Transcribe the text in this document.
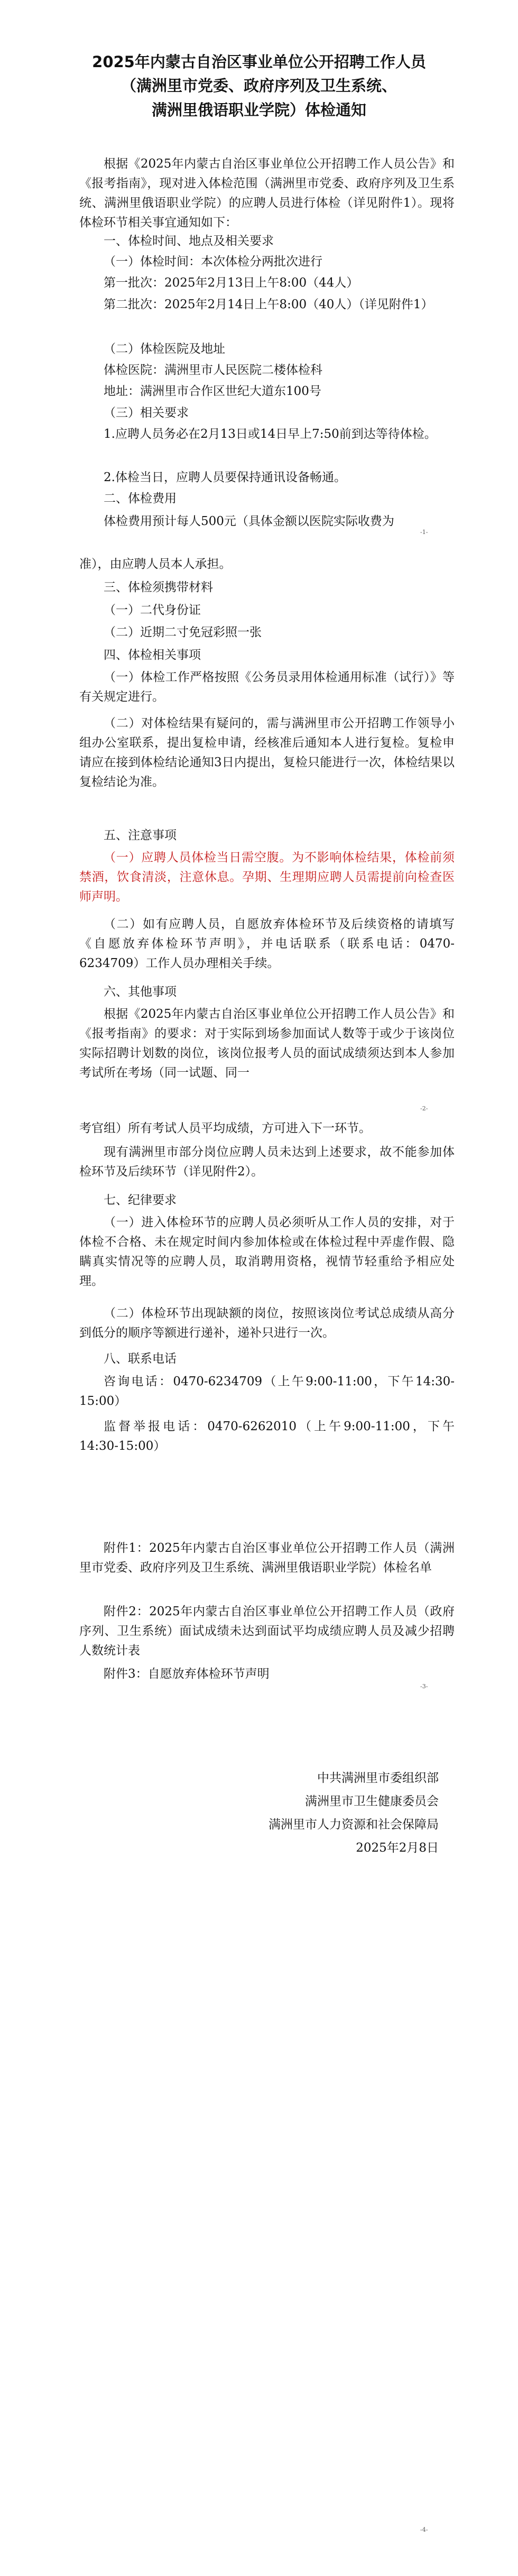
2025年内蒙古自治区事业单位公开招聘工作人员
（满洲里市党委、政府序列及卫生系统、
满洲里俄语职业学院）体检通知
根据《2025年内蒙古自治区事业单位公开招聘工作人员公告》和《报考指南》，现对进入体检范围（满洲里市党委、政府序列及卫生系统、满洲里俄语职业学院）的应聘人员进行体检（详见附件1）。现将体检环节相关事宜通知如下：
一、体检时间、地点及相关要求
（一）体检时间：本次体检分两批次进行
第一批次：2025年2月13日上午8:00（44人）
第二批次：2025年2月14日上午8:00（40人）（详见附件1）
（二）体检医院及地址
体检医院：满洲里市人民医院二楼体检科
地址：满洲里市合作区世纪大道东100号
（三）相关要求
1.应聘人员务必在2月13日或14日早上7:50前到达等待体检。
2.体检当日，应聘人员要保持通讯设备畅通。
二、体检费用
体检费用预计每人500元（具体金额以医院实际收费为
-1-
准），由应聘人员本人承担。
三、体检须携带材料
（一）二代身份证
（二）近期二寸免冠彩照一张
四、体检相关事项
（一）体检工作严格按照《公务员录用体检通用标准（试行）》等有关规定进行。
（二）对体检结果有疑问的，需与满洲里市公开招聘工作领导小组办公室联系，提出复检申请，经核准后通知本人进行复检。复检申请应在接到体检结论通知3日内提出，复检只能进行一次，体检结果以复检结论为准。
五、注意事项
（一）应聘人员体检当日需空腹。为不影响体检结果，体检前须禁酒，饮食清淡，注意休息。孕期、生理期应聘人员需提前向检查医师声明。
（二）如有应聘人员，自愿放弃体检环节及后续资格的请填写《自愿放弃体检环节声明》，并电话联系（联系电话：0470-6234709）工作人员办理相关手续。
六、其他事项
根据《2025年内蒙古自治区事业单位公开招聘工作人员公告》和《报考指南》的要求：对于实际到场参加面试人数等于或少于该岗位实际招聘计划数的岗位，该岗位报考人员的面试成绩须达到本人参加考试所在考场（同一试题、同一
-2-
考官组）所有考试人员平均成绩，方可进入下一环节。
现有满洲里市部分岗位应聘人员未达到上述要求，故不能参加体检环节及后续环节（详见附件2）。
七、纪律要求
（一）进入体检环节的应聘人员必须听从工作人员的安排，对于体检不合格、未在规定时间内参加体检或在体检过程中弄虚作假、隐瞒真实情况等的应聘人员，取消聘用资格，视情节轻重给予相应处理。
（二）体检环节出现缺额的岗位，按照该岗位考试总成绩从高分到低分的顺序等额进行递补，递补只进行一次。
八、联系电话
咨询电话：0470-6234709（上午9:00-11:00，下午14:30-15:00）
监督举报电话：0470-6262010（上午9:00-11:00，下午14:30-15:00）
附件1：2025年内蒙古自治区事业单位公开招聘工作人员（满洲里市党委、政府序列及卫生系统、满洲里俄语职业学院）体检名单
附件2：2025年内蒙古自治区事业单位公开招聘工作人员（政府序列、卫生系统）面试成绩未达到面试平均成绩应聘人员及减少招聘人数统计表
附件3：自愿放弃体检环节声明
-3-
中共满洲里市委组织部
满洲里市卫生健康委员会
满洲里市人力资源和社会保障局
2025年2月8日
-4-
